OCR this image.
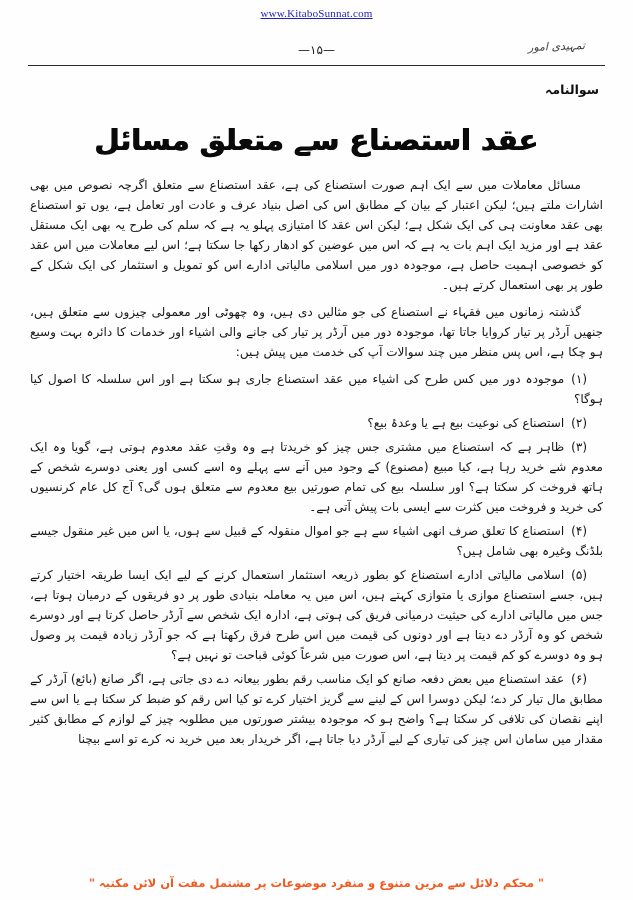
www.KitaboSunnat.com
تمہیدی امور
—۱۵—
سوالنامہ
عقد استصناع سے متعلق مسائل

مسائل معاملات میں سے ایک اہم صورت استصناع کی ہے، عقد استصناع سے متعلق اگرچہ نصوص میں بھی اشارات ملتے ہیں؛ لیکن اعتبار کے بیان کے مطابق اس کی اصل بنیاد عرف و عادت اور تعامل ہے، یوں تو استصناع بھی عقد معاونت ہی کی ایک شکل ہے؛ لیکن اس عقد کا امتیازی پہلو یہ ہے کہ سلم کی طرح یہ بھی ایک مستقل عقد ہے اور مزید ایک اہم بات یہ ہے کہ اس میں عوضین کو ادھار رکھا جا سکتا ہے؛ اس لیے معاملات میں اس عقد کو خصوصی اہمیت حاصل ہے، موجودہ دور میں اسلامی مالیاتی ادارے اس کو تمویل و استثمار کی ایک شکل کے طور پر بھی استعمال کرتے ہیں۔

گذشتہ زمانوں میں فقہاء نے استصناع کی جو مثالیں دی ہیں، وہ چھوٹی اور معمولی چیزوں سے متعلق ہیں، جنھیں آرڈر پر تیار کروایا جاتا تھا، موجودہ دور میں آرڈر پر تیار کی جانے والی اشیاء اور خدمات کا دائرہ بہت وسیع ہو چکا ہے، اس پس منظر میں چند سوالات آپ کی خدمت میں پیش ہیں:

(۱)موجودہ دور میں کس طرح کی اشیاء میں عقد استصناع جاری ہو سکتا ہے اور اس سلسلہ کا اصول کیا ہوگا؟

(۲)استصناع کی نوعیت بیع ہے یا وعدۂ بیع؟

(۳)ظاہر ہے کہ استصناع میں مشتری جس چیز کو خریدتا ہے وہ وقتِ عقد معدوم ہوتی ہے، گویا وہ ایک معدوم شے خرید رہا ہے، کیا مبیع (مصنوع) کے وجود میں آنے سے پہلے وہ اسے کسی اور یعنی دوسرے شخص کے ہاتھ فروخت کر سکتا ہے؟ اور سلسلہ بیع کی تمام صورتیں بیع معدوم سے متعلق ہوں گی؟ آج کل عام کرنسیوں کی خرید و فروخت میں کثرت سے ایسی بات پیش آتی ہے۔

(۴)استصناع کا تعلق صرف انھی اشیاء سے ہے جو اموال منقولہ کے قبیل سے ہوں، یا اس میں غیر منقول جیسے بلڈنگ وغیرہ بھی شامل ہیں؟

(۵)اسلامی مالیاتی ادارے استصناع کو بطور ذریعہ استثمار استعمال کرنے کے لیے ایک ایسا طریقہ اختیار کرتے ہیں، جسے استصناع موازی یا متوازی کہتے ہیں، اس میں یہ معاملہ بنیادی طور پر دو فریقوں کے درمیان ہوتا ہے، جس میں مالیاتی ادارے کی حیثیت درمیانی فریق کی ہوتی ہے، ادارہ ایک شخص سے آرڈر حاصل کرتا ہے اور دوسرے شخص کو وہ آرڈر دے دیتا ہے اور دونوں کی قیمت میں اس طرح فرق رکھتا ہے کہ جو آرڈر زیادہ قیمت پر وصول ہو وہ دوسرے کو کم قیمت پر دیتا ہے، اس صورت میں شرعاً کوئی قباحت تو نہیں ہے؟

(۶)عقد استصناع میں بعض دفعہ صانع کو ایک مناسب رقم بطور بیعانہ دے دی جاتی ہے، اگر صانع (بائع) آرڈر کے مطابق مال تیار کر دے؛ لیکن دوسرا اس کے لینے سے گریز اختیار کرے تو کیا اس رقم کو ضبط کر سکتا ہے یا اس سے اپنے نقصان کی تلافی کر سکتا ہے؟ واضح ہو کہ موجودہ بیشتر صورتوں میں مطلوبہ چیز کے لوازم کے مطابق کثیر مقدار میں سامان اس چیز کی تیاری کے لیے آرڈر دیا جاتا ہے، اگر خریدار بعد میں خرید نہ کرے تو اسے بیچنا

" محکم دلائل سے مزین متنوع و منفرد موضوعات پر مشتمل مفت آن لائن مکتبہ "
